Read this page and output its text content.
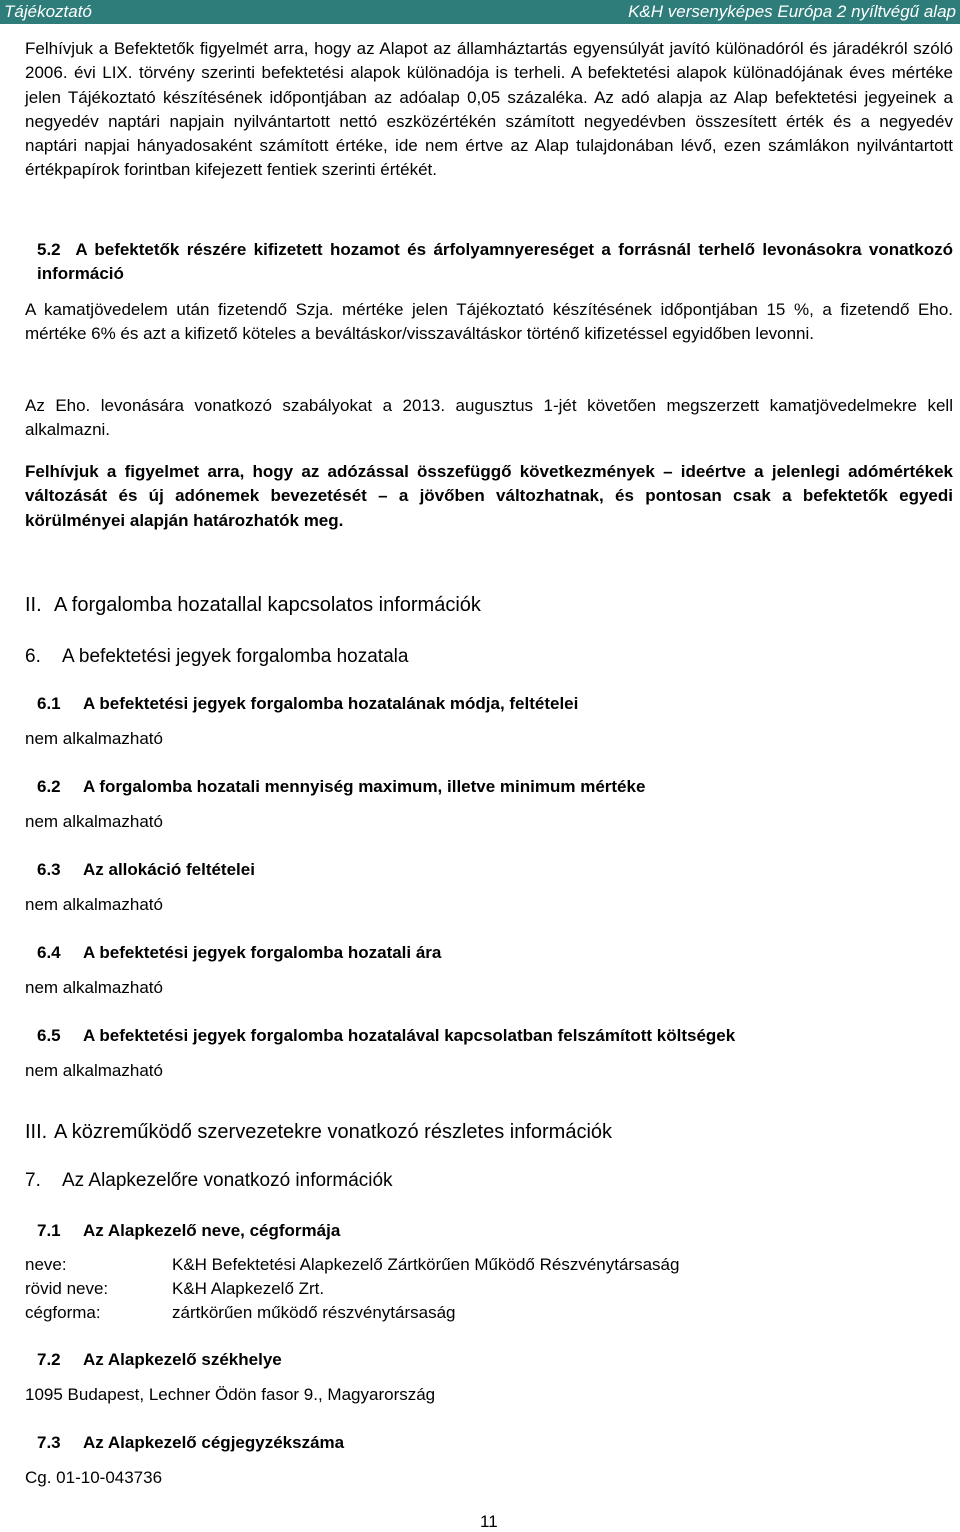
Tájékoztató	K&H versenyképes Európa 2 nyíltvégű alap

Felhívjuk a Befektetők figyelmét arra, hogy az Alapot az államháztartás egyensúlyát javító különadóról és járadékról szóló 2006. évi LIX. törvény szerinti befektetési alapok különadója is terheli. A befektetési alapok különadójának éves mértéke jelen Tájékoztató készítésének időpontjában az adóalap 0,05 százaléka. Az adó alapja az Alap befektetési jegyeinek a negyedév naptári napjain nyilvántartott nettó eszközértékén számított negyedévben összesített érték és a negyedév naptári napjai hányadosaként számított értéke, ide nem értve az Alap tulajdonában lévő, ezen számlákon nyilvántartott értékpapírok forintban kifejezett fentiek szerinti értékét.

5.2 A befektetők részére kifizetett hozamot és árfolyamnyereséget a forrásnál terhelő levonásokra vonatkozó információ

A kamatjövedelem után fizetendő Szja. mértéke jelen Tájékoztató készítésének időpontjában 15 %, a fizetendő Eho. mértéke 6% és azt a kifizető köteles a beváltáskor/visszaváltáskor történő kifizetéssel egyidőben levonni.

Az Eho. levonására vonatkozó szabályokat a 2013. augusztus 1-jét követően megszerzett kamatjövedelmekre kell alkalmazni.

Felhívjuk a figyelmet arra, hogy az adózással összefüggő következmények – ideértve a jelenlegi adómértékek változását és új adónemek bevezetését – a jövőben változhatnak, és pontosan csak a befektetők egyedi körülményei alapján határozhatók meg.

II. A forgalomba hozatallal kapcsolatos információk
6. A befektetési jegyek forgalomba hozatala
6.1 A befektetési jegyek forgalomba hozatalának módja, feltételei
nem alkalmazható
6.2 A forgalomba hozatali mennyiség maximum, illetve minimum mértéke
nem alkalmazható
6.3 Az allokáció feltételei
nem alkalmazható
6.4 A befektetési jegyek forgalomba hozatali ára
nem alkalmazható
6.5 A befektetési jegyek forgalomba hozatalával kapcsolatban felszámított költségek
nem alkalmazható
III. A közreműködő szervezetekre vonatkozó részletes információk
7. Az Alapkezelőre vonatkozó információk
7.1 Az Alapkezelő neve, cégformája
neve:	K&H Befektetési Alapkezelő Zártkörűen Működő Részvénytársaság
rövid neve:	K&H Alapkezelő Zrt.
cégforma:	zártkörűen működő részvénytársaság
7.2 Az Alapkezelő székhelye
1095 Budapest, Lechner Ödön fasor 9., Magyarország
7.3 Az Alapkezelő cégjegyzékszáma
Cg. 01-10-043736
11
